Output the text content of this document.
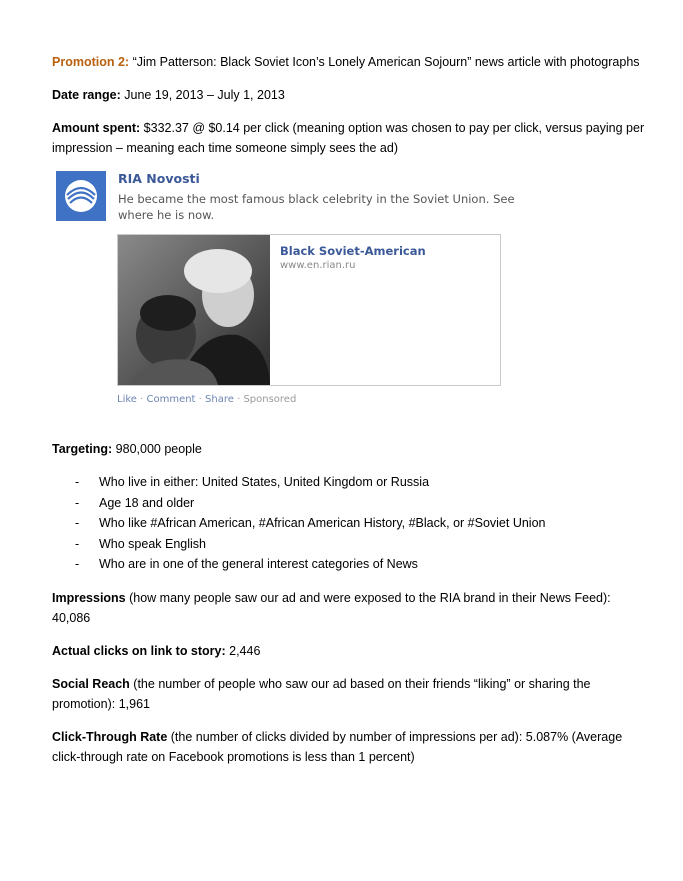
Promotion 2: “Jim Patterson: Black Soviet Icon’s Lonely American Sojourn” news article with photographs

Date range: June 19, 2013 – July 1, 2013

Amount spent: $332.37 @ $0.14 per click (meaning option was chosen to pay per click, versus paying per impression – meaning each time someone simply sees the ad)

RIA Novosti
He became the most famous black celebrity in the Soviet Union. See where he is now.
Black Soviet-American
www.en.rian.ru
Like · Comment · Share · Sponsored

Targeting: 980,000 people

- Who live in either: United States, United Kingdom or Russia
- Age 18 and older
- Who like #African American, #African American History, #Black, or #Soviet Union
- Who speak English
- Who are in one of the general interest categories of News

Impressions (how many people saw our ad and were exposed to the RIA brand in their News Feed): 40,086

Actual clicks on link to story: 2,446

Social Reach (the number of people who saw our ad based on their friends “liking” or sharing the promotion): 1,961

Click-Through Rate (the number of clicks divided by number of impressions per ad): 5.087% (Average click-through rate on Facebook promotions is less than 1 percent)
